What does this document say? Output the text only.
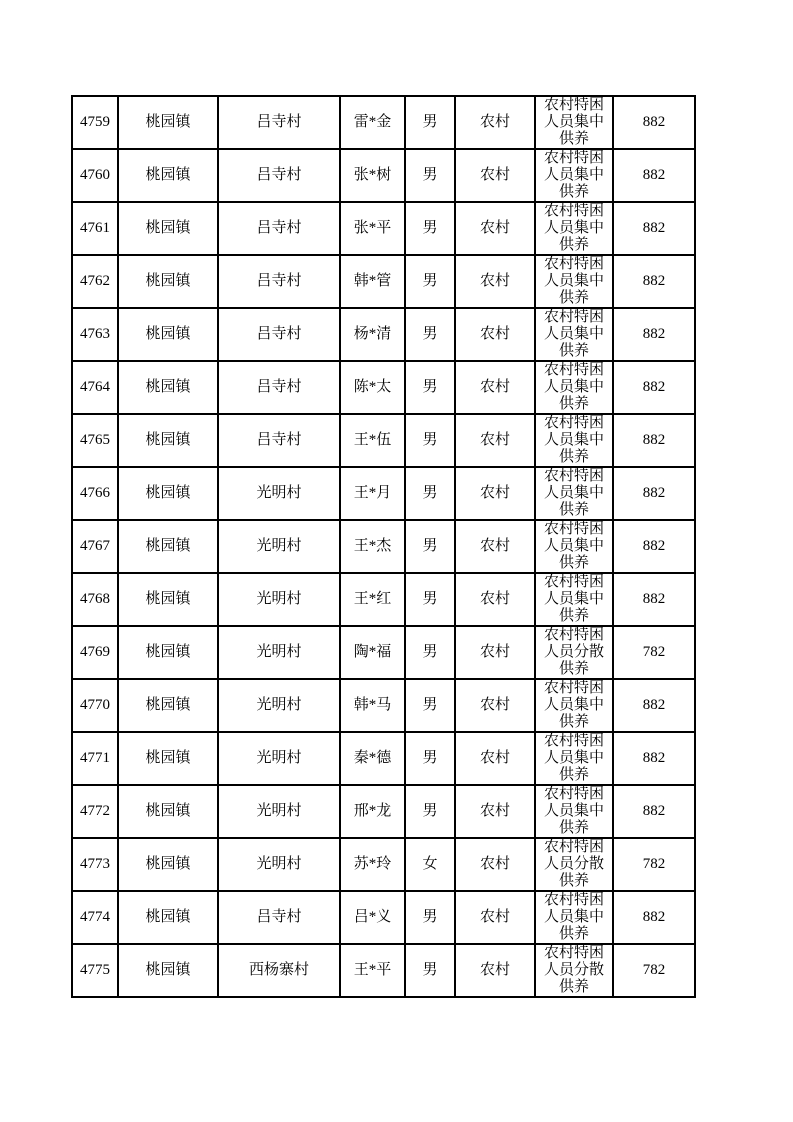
4759	桃园镇	吕寺村	雷*金	男	农村	农村特困人员集中供养	882
4760	桃园镇	吕寺村	张*树	男	农村	农村特困人员集中供养	882
4761	桃园镇	吕寺村	张*平	男	农村	农村特困人员集中供养	882
4762	桃园镇	吕寺村	韩*管	男	农村	农村特困人员集中供养	882
4763	桃园镇	吕寺村	杨*清	男	农村	农村特困人员集中供养	882
4764	桃园镇	吕寺村	陈*太	男	农村	农村特困人员集中供养	882
4765	桃园镇	吕寺村	王*伍	男	农村	农村特困人员集中供养	882
4766	桃园镇	光明村	王*月	男	农村	农村特困人员集中供养	882
4767	桃园镇	光明村	王*杰	男	农村	农村特困人员集中供养	882
4768	桃园镇	光明村	王*红	男	农村	农村特困人员集中供养	882
4769	桃园镇	光明村	陶*福	男	农村	农村特困人员分散供养	782
4770	桃园镇	光明村	韩*马	男	农村	农村特困人员集中供养	882
4771	桃园镇	光明村	秦*德	男	农村	农村特困人员集中供养	882
4772	桃园镇	光明村	邢*龙	男	农村	农村特困人员集中供养	882
4773	桃园镇	光明村	苏*玲	女	农村	农村特困人员分散供养	782
4774	桃园镇	吕寺村	吕*义	男	农村	农村特困人员集中供养	882
4775	桃园镇	西杨寨村	王*平	男	农村	农村特困人员分散供养	782
